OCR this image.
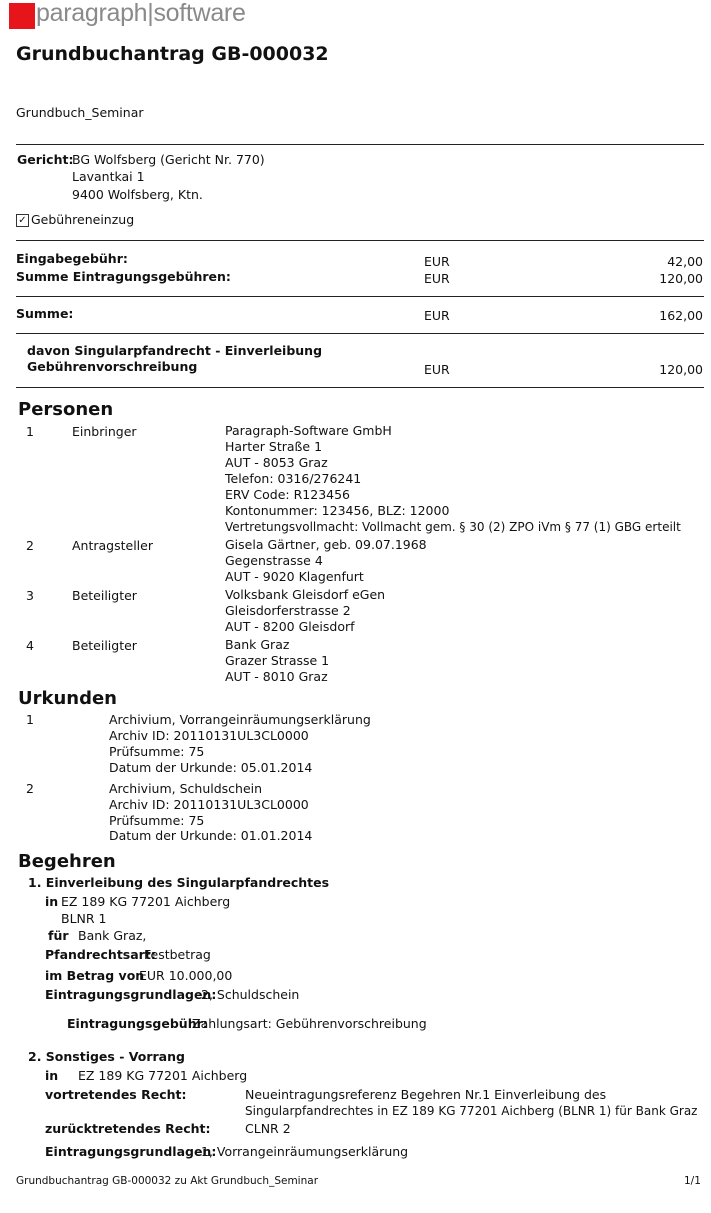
paragraph|software
Grundbuchantrag GB-000032
Grundbuch_Seminar
Gericht:
BG Wolfsberg (Gericht Nr. 770)
Lavantkai 1
9400 Wolfsberg, Ktn.
✓ Gebühreneinzug
Eingabegebühr:	EUR	42,00
Summe Eintragungsgebühren:	EUR	120,00
Summe:	EUR	162,00
davon Singularpfandrecht - Einverleibung
Gebührenvorschreibung	EUR	120,00
Personen
1	Einbringer	Paragraph-Software GmbH
Harter Straße 1
AUT - 8053 Graz
Telefon: 0316/276241
ERV Code: R123456
Kontonummer: 123456, BLZ: 12000
Vertretungsvollmacht: Vollmacht gem. § 30 (2) ZPO iVm § 77 (1) GBG erteilt
2	Antragsteller	Gisela Gärtner, geb. 09.07.1968
Gegenstrasse 4
AUT - 9020 Klagenfurt
3	Beteiligter	Volksbank Gleisdorf eGen
Gleisdorferstrasse 2
AUT - 8200 Gleisdorf
4	Beteiligter	Bank Graz
Grazer Strasse 1
AUT - 8010 Graz
Urkunden
1	Archivium, Vorrangeinräumungserklärung
Archiv ID: 20110131UL3CL0000
Prüfsumme: 75
Datum der Urkunde: 05.01.2014
2	Archivium, Schuldschein
Archiv ID: 20110131UL3CL0000
Prüfsumme: 75
Datum der Urkunde: 01.01.2014
Begehren
1. Einverleibung des Singularpfandrechtes
in EZ 189 KG 77201 Aichberg
BLNR 1
für Bank Graz,
Pfandrechtsart:
Festbetrag
im Betrag von
EUR 10.000,00
Eintragungsgrundlagen:
2, Schuldschein
Eintragungsgebühr:
Zahlungsart: Gebührenvorschreibung
2. Sonstiges - Vorrang
in EZ 189 KG 77201 Aichberg
vortretendes Recht:	Neueintragungsreferenz Begehren Nr.1 Einverleibung des
Singularpfandrechtes in EZ 189 KG 77201 Aichberg (BLNR 1) für Bank Graz
zurücktretendes Recht:	CLNR 2
Eintragungsgrundlagen:
1, Vorrangeinräumungserklärung
Grundbuchantrag GB-000032 zu Akt Grundbuch_Seminar	1/1
